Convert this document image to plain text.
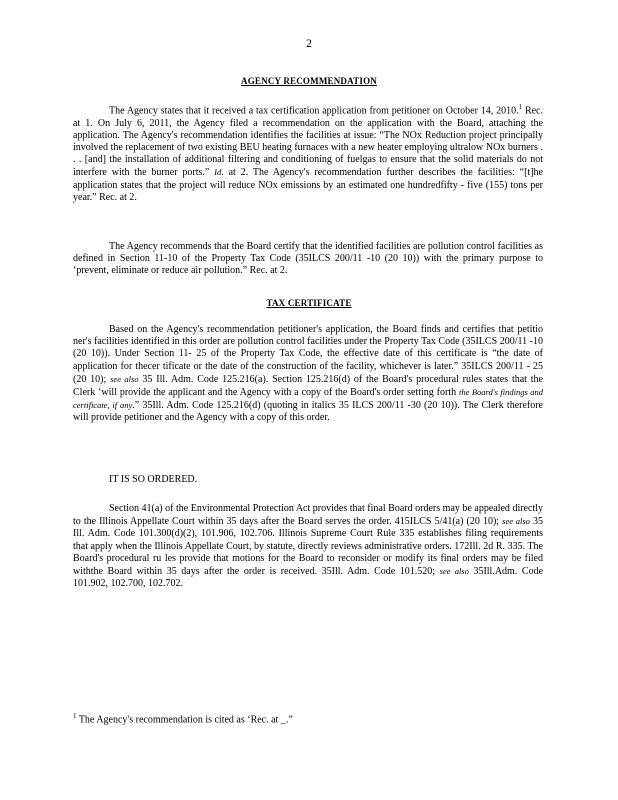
2
AGENCY RECOMMENDATION

The Agency states that it received a tax certification application from petitioner on October 14, 2010.$^1$ Rec. at 1. On July 6, 2011, the Agency filed a recommendation on the application with the Board, attaching the application. The Agency's recommendation identifies the facilities at issue: “The NOx Reduction project principally involved the replacement of two existing BEU heating furnaces with a new heater employing ultralow NOx burners . . . [and] the installation of additional filtering and conditioning of fuelgas to ensure that the solid materials do not interfere with the burner ports.” Id. at 2. The Agency's recommendation further describes the facilities: “[t]he application states that the project will reduce NOx emissions by an estimated one hundredfifty - five (155) tons per year.” Rec. at 2.

The Agency recommends that the Board certify that the identified facilities are pollution control facilities as defined in Section 11-10 of the Property Tax Code (35ILCS 200/11 -10 (20 10)) with the primary purpose to ‘prevent, eliminate or reduce air pollution.” Rec. at 2.

TAX CERTIFICATE

Based on the Agency's recommendation petitioner's application, the Board finds and certifies that petitio ner's facilities identified in this order are pollution control facilities under the Property Tax Code (35ILCS 200/11 -10 (20 10)). Under Section 11- 25 of the Property Tax Code, the effective date of this certificate is “the date of application for thecer tificate or the date of the construction of the facility, whichever is later.” 35ILCS 200/11 - 25 (20 10); see also 35 Ill. Adm. Code 125.216(a). Section 125.216(d) of the Board's procedural rules states that the Clerk ‘will provide the applicant and the Agency with a copy of the Board's order setting forth the Board's findings and certificate, if any.” 35Ill. Adm. Code 125.216(d) (quoting in italics 35 ILCS 200/11 -30 (20 10)). The Clerk therefore will provide petitioner and the Agency with a copy of this order.

IT IS SO ORDERED.

Section 41(a) of the Environmental Protection Act provides that final Board orders may be appealed directly to the Illinois Appellate Court within 35 days after the Board serves the order. 415ILCS 5/41(a) (20 10); see also 35 Ill. Adm. Code 101.300(d)(2), 101.906, 102.706. Illinois Supreme Court Rule 335 establishes filing requirements that apply when the Illinois Appellate Court, by statute, directly reviews administrative orders. 172Ill. 2d R. 335. The Board's procedural ru les provide that motions for the Board to reconsider or modify its final orders may be filed withthe Board within 35 days after the order is received. 35Ill. Adm. Code 101.520; see also 35Ill.Adm. Code 101.902, 102.700, 102.702.

$^1$ The Agency's recommendation is cited as ‘Rec. at _.”
